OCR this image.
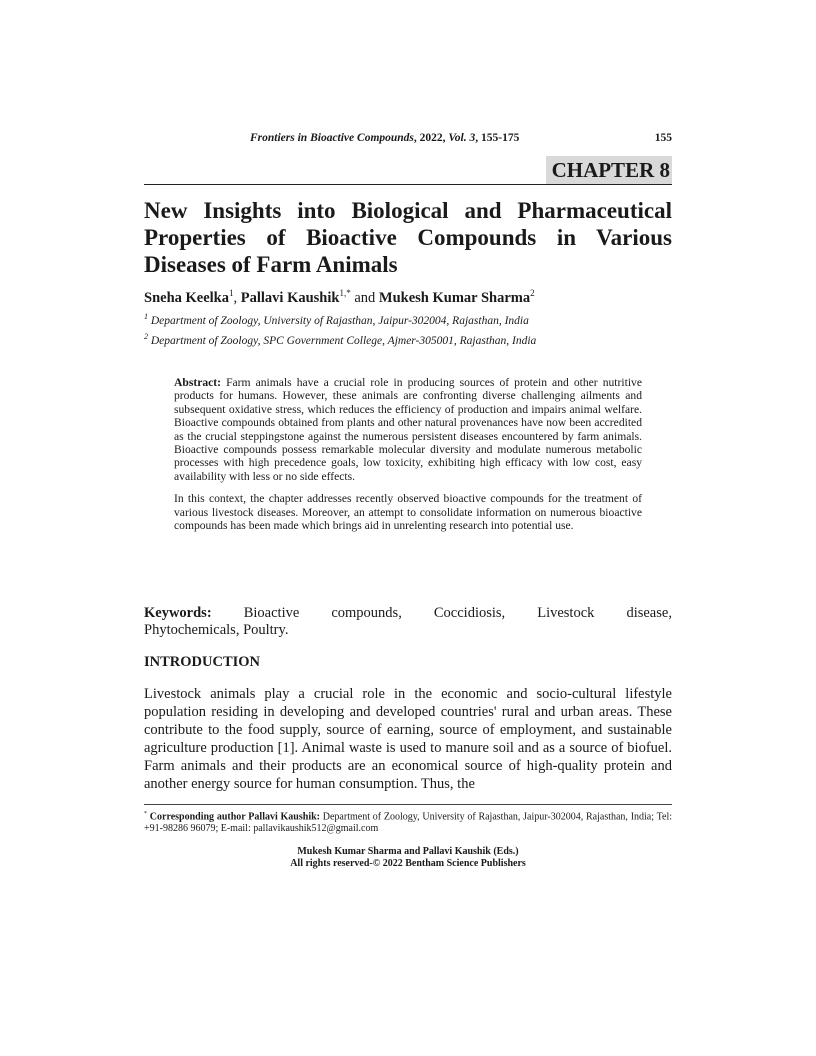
Frontiers in Bioactive Compounds, 2022, Vol. 3, 155-175	155
CHAPTER 8
New Insights into Biological and Pharmaceutical Properties of Bioactive Compounds in Various Diseases of Farm Animals
Sneha Keelka$^1$, Pallavi Kaushik$^{1,*}$ and Mukesh Kumar Sharma$^2$
$^1$ Department of Zoology, University of Rajasthan, Jaipur-302004, Rajasthan, India
$^2$ Department of Zoology, SPC Government College, Ajmer-305001, Rajasthan, India

Abstract: Farm animals have a crucial role in producing sources of protein and other nutritive products for humans. However, these animals are confronting diverse challenging ailments and subsequent oxidative stress, which reduces the efficiency of production and impairs animal welfare. Bioactive compounds obtained from plants and other natural provenances have now been accredited as the crucial steppingstone against the numerous persistent diseases encountered by farm animals. Bioactive compounds possess remarkable molecular diversity and modulate numerous metabolic processes with high precedence goals, low toxicity, exhibiting high efficacy with low cost, easy availability with less or no side effects.

In this context, the chapter addresses recently observed bioactive compounds for the treatment of various livestock diseases. Moreover, an attempt to consolidate information on numerous bioactive compounds has been made which brings aid in unrelenting research into potential use.

Keywords: Bioactive compounds, Coccidiosis, Livestock disease,
Phytochemicals, Poultry.
INTRODUCTION

Livestock animals play a crucial role in the economic and socio-cultural lifestyle population residing in developing and developed countries' rural and urban areas. These contribute to the food supply, source of earning, source of employment, and sustainable agriculture production [1]. Animal waste is used to manure soil and as a source of biofuel. Farm animals and their products are an economical source of high-quality protein and another energy source for human consumption. Thus, the

* Corresponding author Pallavi Kaushik: Department of Zoology, University of Rajasthan, Jaipur-302004, Rajasthan, India; Tel: +91-98286 96079; E-mail: pallavikaushik512@gmail.com
Mukesh Kumar Sharma and Pallavi Kaushik (Eds.)
All rights reserved-© 2022 Bentham Science Publishers
